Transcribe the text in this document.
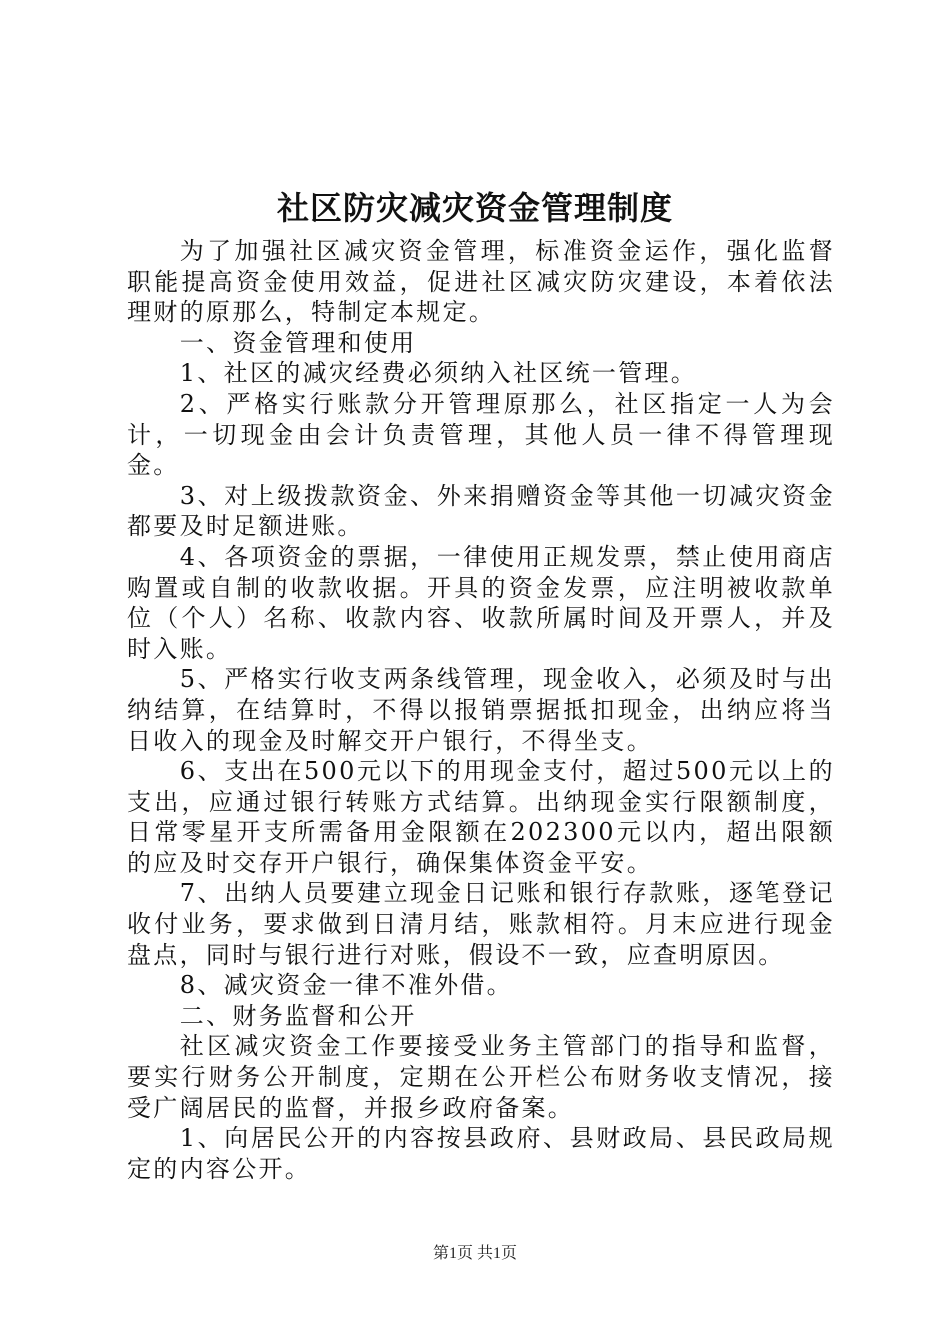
社区防灾减灾资金管理制度

为了加强社区减灾资金管理，标准资金运作，强化监督职能提高资金使用效益，促进社区减灾防灾建设，本着依法理财的原那么，特制定本规定。

一、资金管理和使用

1、社区的减灾经费必须纳入社区统一管理。

2、严格实行账款分开管理原那么，社区指定一人为会计，一切现金由会计负责管理，其他人员一律不得管理现金。

3、对上级拨款资金、外来捐赠资金等其他一切减灾资金都要及时足额进账。

4、各项资金的票据，一律使用正规发票，禁止使用商店购置或自制的收款收据。开具的资金发票，应注明被收款单位（个人）名称、收款内容、收款所属时间及开票人，并及时入账。

5、严格实行收支两条线管理，现金收入，必须及时与出纳结算，在结算时，不得以报销票据抵扣现金，出纳应将当日收入的现金及时解交开户银行，不得坐支。

6、支出在500元以下的用现金支付，超过500元以上的支出，应通过银行转账方式结算。出纳现金实行限额制度，日常零星开支所需备用金限额在202300元以内，超出限额的应及时交存开户银行，确保集体资金平安。

7、出纳人员要建立现金日记账和银行存款账，逐笔登记收付业务，要求做到日清月结，账款相符。月末应进行现金盘点，同时与银行进行对账，假设不一致，应查明原因。

8、减灾资金一律不准外借。

二、财务监督和公开

社区减灾资金工作要接受业务主管部门的指导和监督，要实行财务公开制度，定期在公开栏公布财务收支情况，接受广阔居民的监督，并报乡政府备案。

1、向居民公开的内容按县政府、县财政局、县民政局规定的内容公开。

第1页 共1页
